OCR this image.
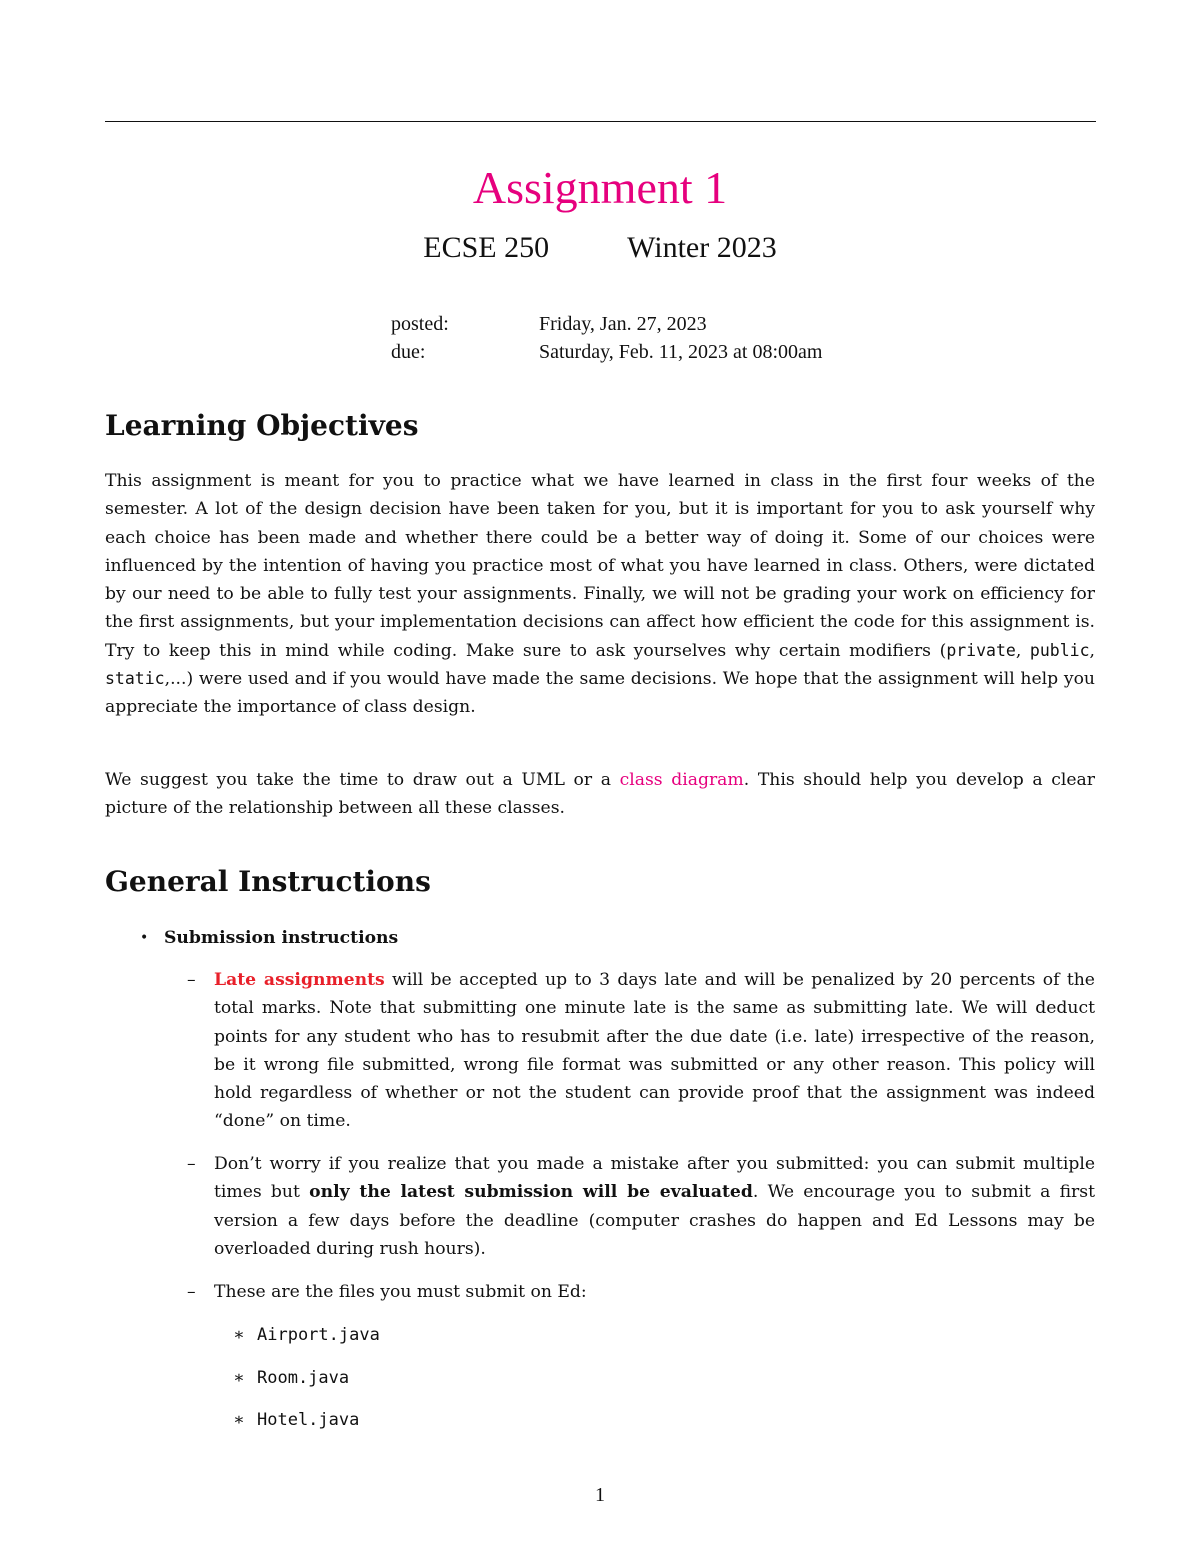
Assignment 1
ECSE 250	Winter 2023
posted:	Friday, Jan. 27, 2023
due:	Saturday, Feb. 11, 2023 at 08:00am
Learning Objectives

This assignment is meant for you to practice what we have learned in class in the first four weeks of the semester. A lot of the design decision have been taken for you, but it is important for you to ask yourself why each choice has been made and whether there could be a better way of doing it. Some of our choices were influenced by the intention of having you practice most of what you have learned in class. Others, were dictated by our need to be able to fully test your assignments. Finally, we will not be grading your work on efficiency for the first assignments, but your implementation decisions can affect how efficient the code for this assignment is. Try to keep this in mind while coding. Make sure to ask yourselves why certain modifiers (private, public, static,...) were used and if you would have made the same decisions. We hope that the assignment will help you appreciate the importance of class design.

We suggest you take the time to draw out a UML or a class diagram. This should help you develop a clear picture of the relationship between all these classes.

General Instructions
• Submission instructions
–	Late assignments will be accepted up to 3 days late and will be penalized by 20 percents of the total marks. Note that submitting one minute late is the same as submitting late. We will deduct points for any student who has to resubmit after the due date (i.e. late) irrespective of the reason, be it wrong file submitted, wrong file format was submitted or any other reason. This policy will hold regardless of whether or not the student can provide proof that the assignment was indeed “done” on time.
–	Don’t worry if you realize that you made a mistake after you submitted: you can submit multiple times but only the latest submission will be evaluated. We encourage you to submit a first version a few days before the deadline (computer crashes do happen and Ed Lessons may be overloaded during rush hours).
–	These are the files you must submit on Ed:
∗ Airport.java
∗ Room.java
∗ Hotel.java
1
